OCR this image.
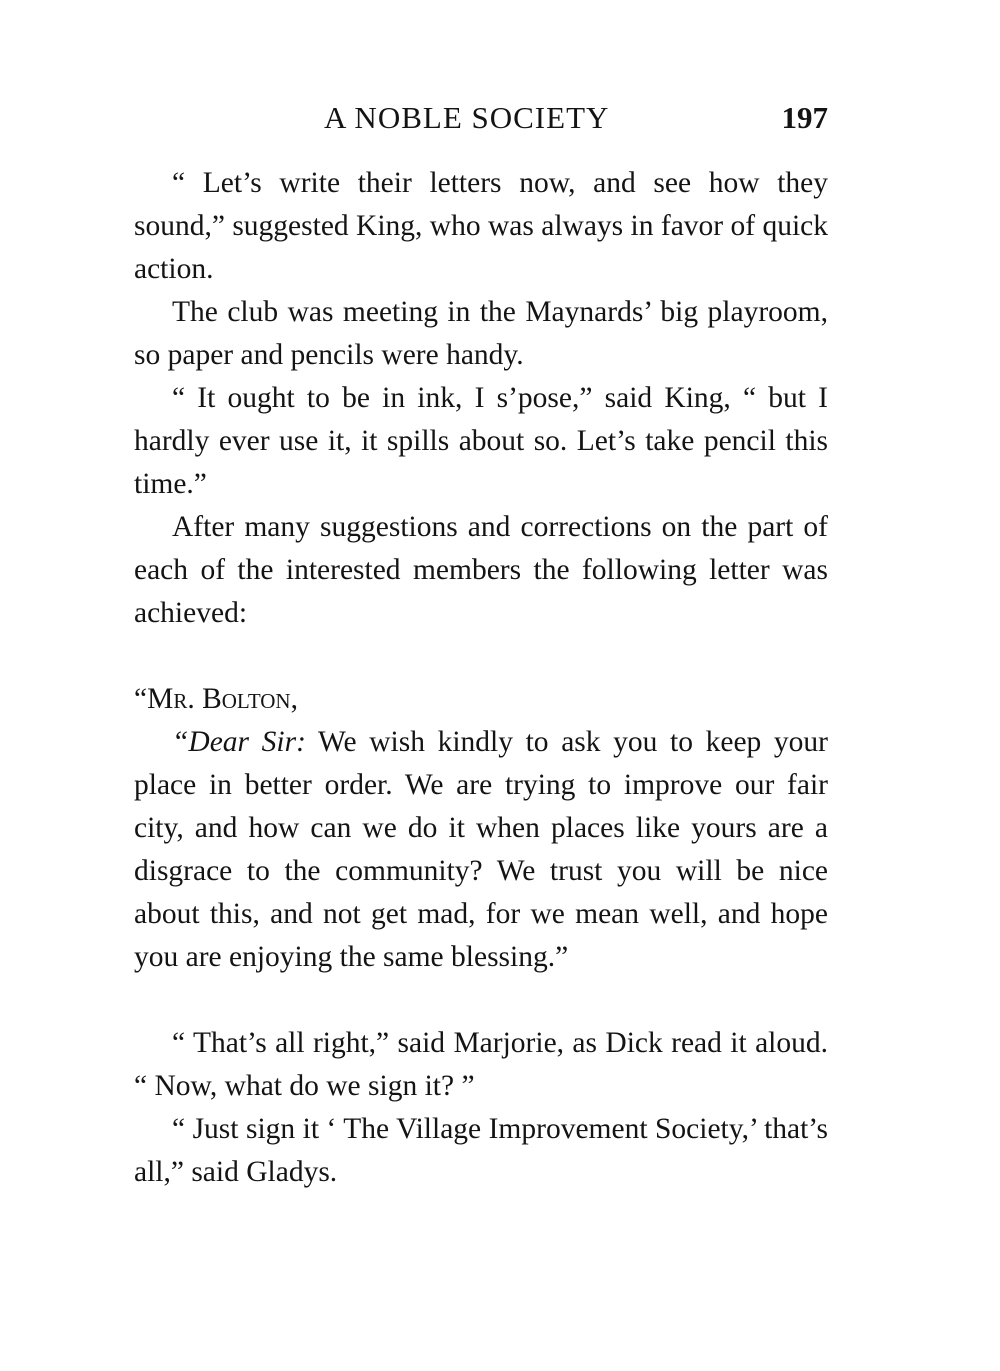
A NOBLE SOCIETY	197

“ Let’s write their letters now, and see how they sound,” suggested King, who was always in favor of quick action.

The club was meeting in the Maynards’ big playroom, so paper and pencils were handy.

“ It ought to be in ink, I s’pose,” said King, “ but I hardly ever use it, it spills about so. Let’s take pencil this time.”

After many suggestions and corrections on the part of each of the interested members the following letter was achieved:

“Mr. Bolton,

“Dear Sir: We wish kindly to ask you to keep your place in better order. We are trying to improve our fair city, and how can we do it when places like yours are a disgrace to the community? We trust you will be nice about this, and not get mad, for we mean well, and hope you are enjoying the same blessing.”

“ That’s all right,” said Marjorie, as Dick read it aloud. “ Now, what do we sign it? ”

“ Just sign it ‘ The Village Improvement Society,’ that’s all,” said Gladys.
